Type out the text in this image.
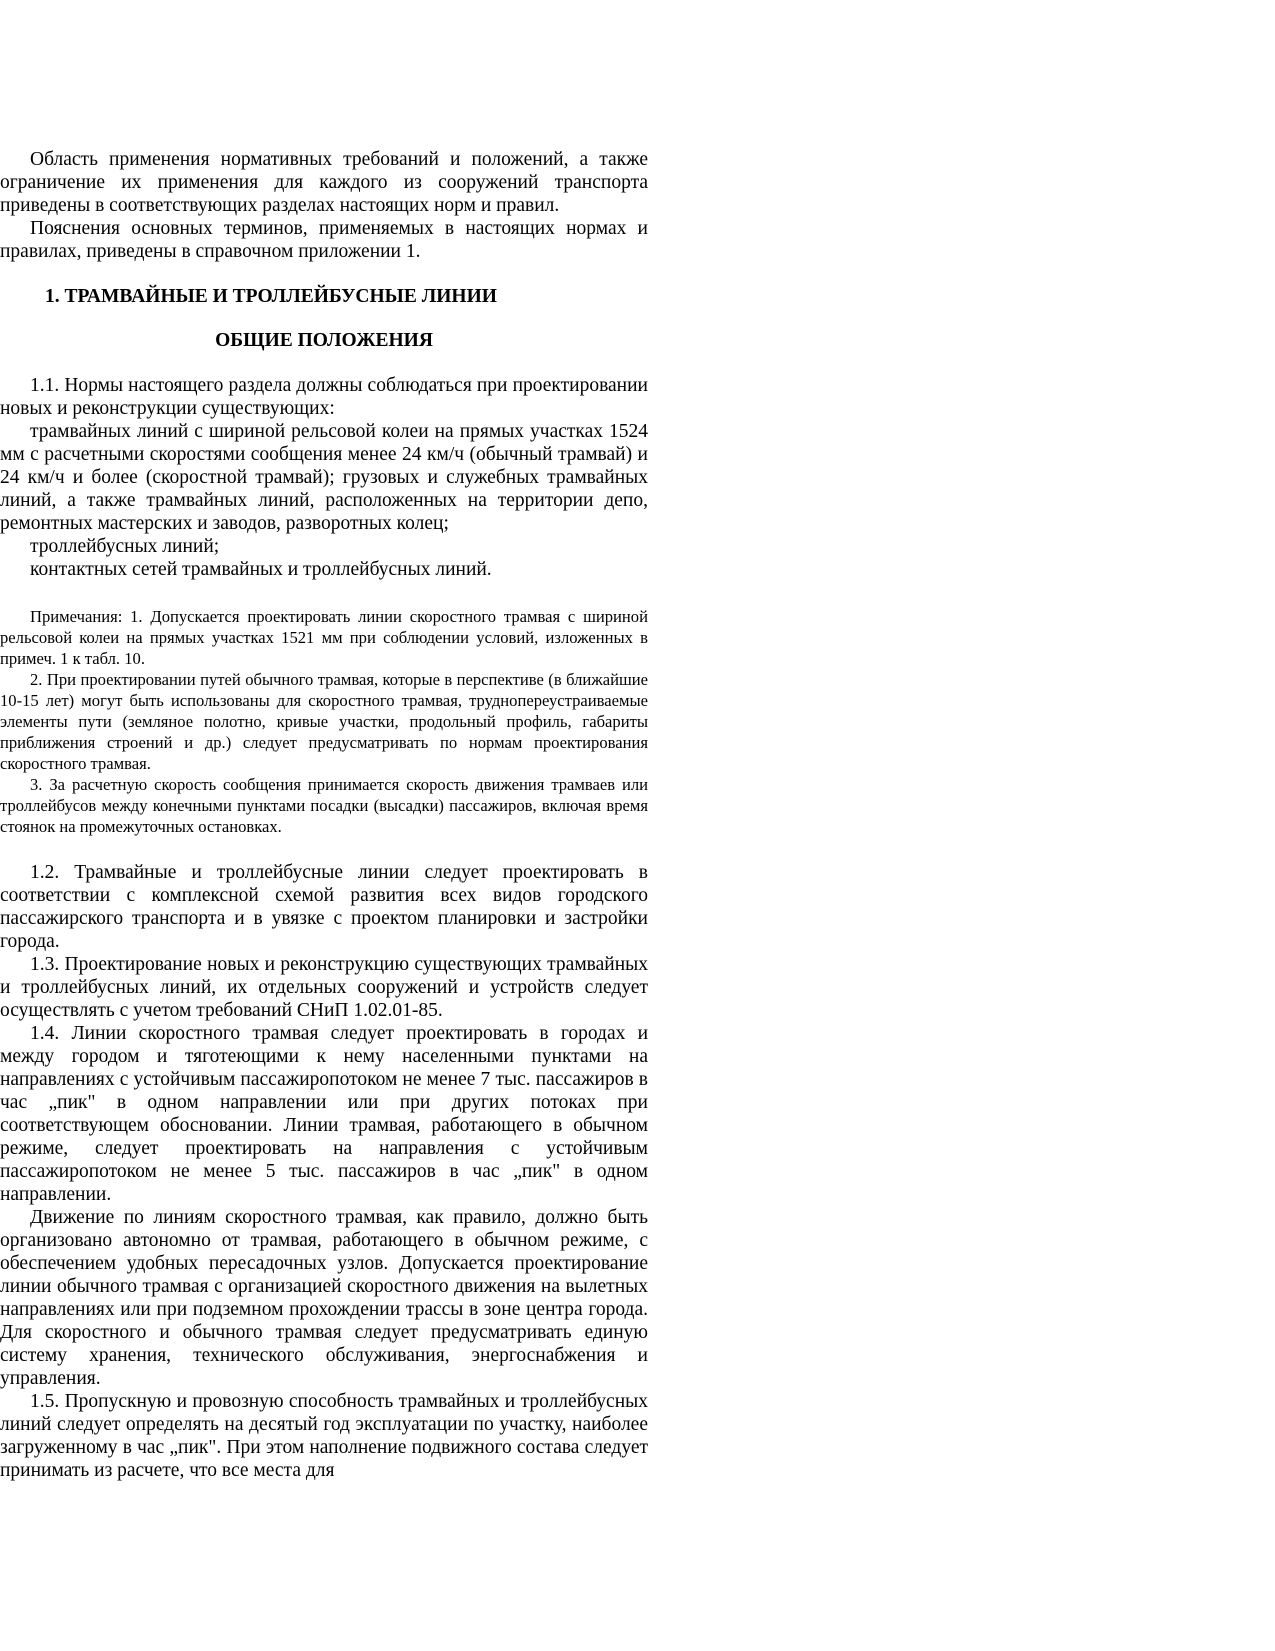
Область применения нормативных требований и положений, а также ограничение их применения для каждого из сооружений транспорта приведены в соответствующих разделах настоящих норм и правил.

Пояснения основных терминов, применяемых в настоящих нормах и правилах, приведены в справочном приложении 1.

1. ТРАМВАЙНЫЕ И ТРОЛЛЕЙБУСНЫЕ ЛИНИИ
ОБЩИЕ ПОЛОЖЕНИЯ

1.1. Нормы настоящего раздела должны соблюдаться при проектировании новых и реконструкции существующих:

трамвайных линий с шириной рельсовой колеи на прямых участках 1524 мм с расчетными скоростями сообщения менее 24 км/ч (обычный трамвай) и 24 км/ч и более (скоростной трамвай); грузовых и служебных трамвайных линий, а также трамвайных линий, расположенных на территории депо, ремонтных мастерских и заводов, разворотных колец;

троллейбусных линий;

контактных сетей трамвайных и троллейбусных линий.

Примечания: 1. Допускается проектировать линии скоростного трамвая с шириной рельсовой колеи на прямых участках 1521 мм при соблюдении условий, изложенных в примеч. 1 к табл. 10.

2. При проектировании путей обычного трамвая, которые в перспективе (в ближайшие 10-15 лет) могут быть использованы для скоростного трамвая, труднопереустраиваемые элементы пути (земляное полотно, кривые участки, продольный профиль, габариты приближения строений и др.) следует предусматривать по нормам проектирования скоростного трамвая.

3. За расчетную скорость сообщения принимается скорость движения трамваев или троллейбусов между конечными пунктами посадки (высадки) пассажиров, включая время стоянок на промежуточных остановках.

1.2. Трамвайные и троллейбусные линии следует проектировать в соответствии с комплексной схемой развития всех видов городского пассажирского транспорта и в увязке с проектом планировки и застройки города.

1.3. Проектирование новых и реконструкцию существующих трамвайных и троллейбусных линий, их отдельных сооружений и устройств следует осуществлять с учетом требований СНиП 1.02.01-85.

1.4. Линии скоростного трамвая следует проектировать в городах и между городом и тяготеющими к нему населенными пунктами на направлениях с устойчивым пассажиропотоком не менее 7 тыс. пассажиров в час „пик" в одном направлении или при других потоках при соответствующем обосновании. Линии трамвая, работающего в обычном режиме, следует проектировать на направления с устойчивым пассажиропотоком не менее 5 тыс. пассажиров в час „пик" в одном направлении.

Движение по линиям скоростного трамвая, как правило, должно быть организовано автономно от трамвая, работающего в обычном режиме, с обеспечением удобных пересадочных узлов. Допускается проектирование линии обычного трамвая с организацией скоростного движения на вылетных направлениях или при подземном прохождении трассы в зоне центра города. Для скоростного и обычного трамвая следует предусматривать единую систему хранения, технического обслуживания, энергоснабжения и управления.

1.5. Пропускную и провозную способность трамвайных и троллейбусных линий следует определять на десятый год эксплуатации по участку, наиболее загруженному в час „пик". При этом наполнение подвижного состава следует принимать из расчете, что все места для
